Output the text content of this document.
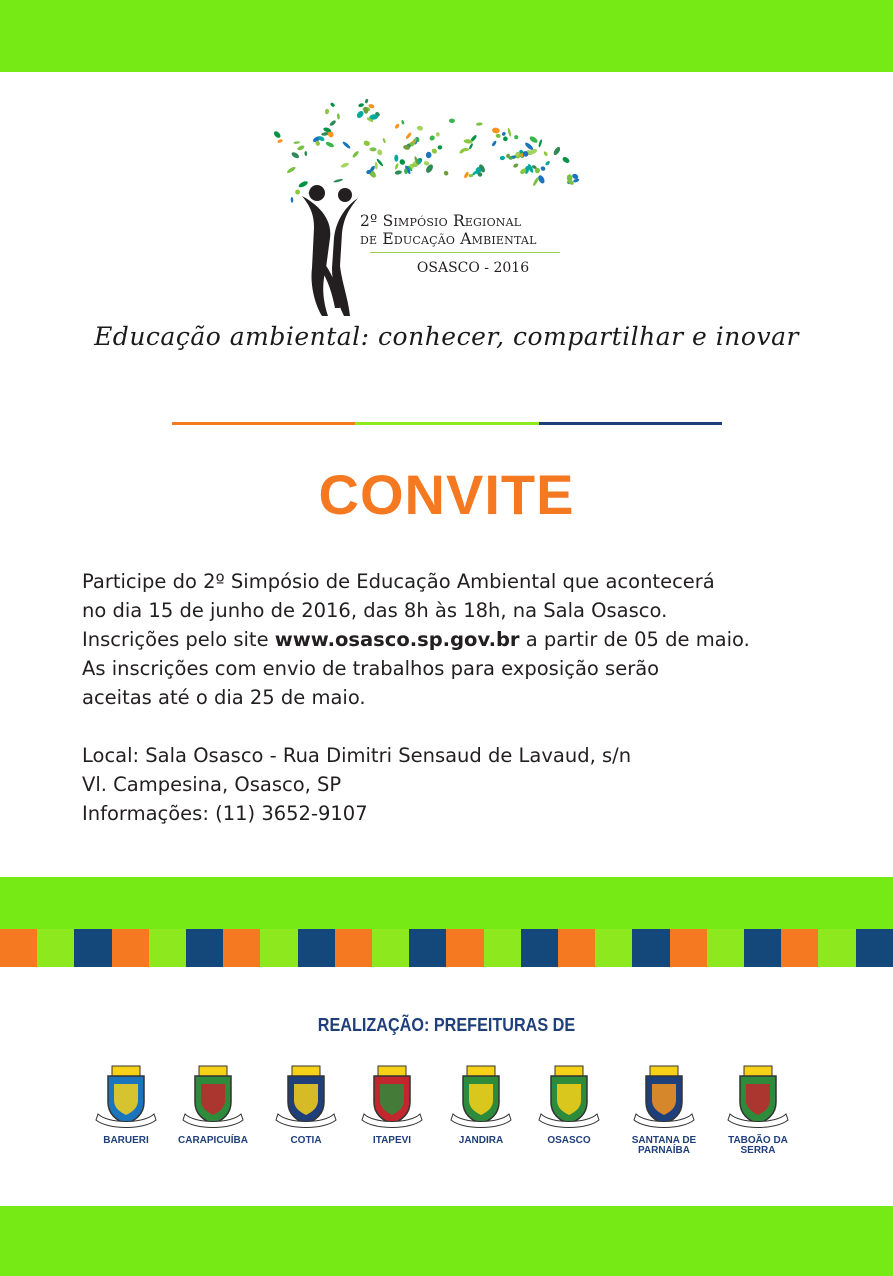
2º Simpósio Regional
de Educação Ambiental
OSASCO - 2016
Educação ambiental: conhecer, compartilhar e inovar
CONVITE

Participe do 2º Simpósio de Educação Ambiental que acontecerá

no dia 15 de junho de 2016, das 8h às 18h, na Sala Osasco.

Inscrições pelo site www.osasco.sp.gov.br a partir de 05 de maio.

As inscrições com envio de trabalhos para exposição serão

aceitas até o dia 25 de maio.

Local: Sala Osasco - Rua Dimitri Sensaud de Lavaud, s/n

Vl. Campesina, Osasco, SP

Informações: (11) 3652-9107

REALIZAÇÃO: PREFEITURAS DE
BARUERI	CARAPICUÍBA	COTIA	ITAPEVI	JANDIRA	OSASCO	SANTANA DE PARNAÍBA
TABOÃO DA SERRA
